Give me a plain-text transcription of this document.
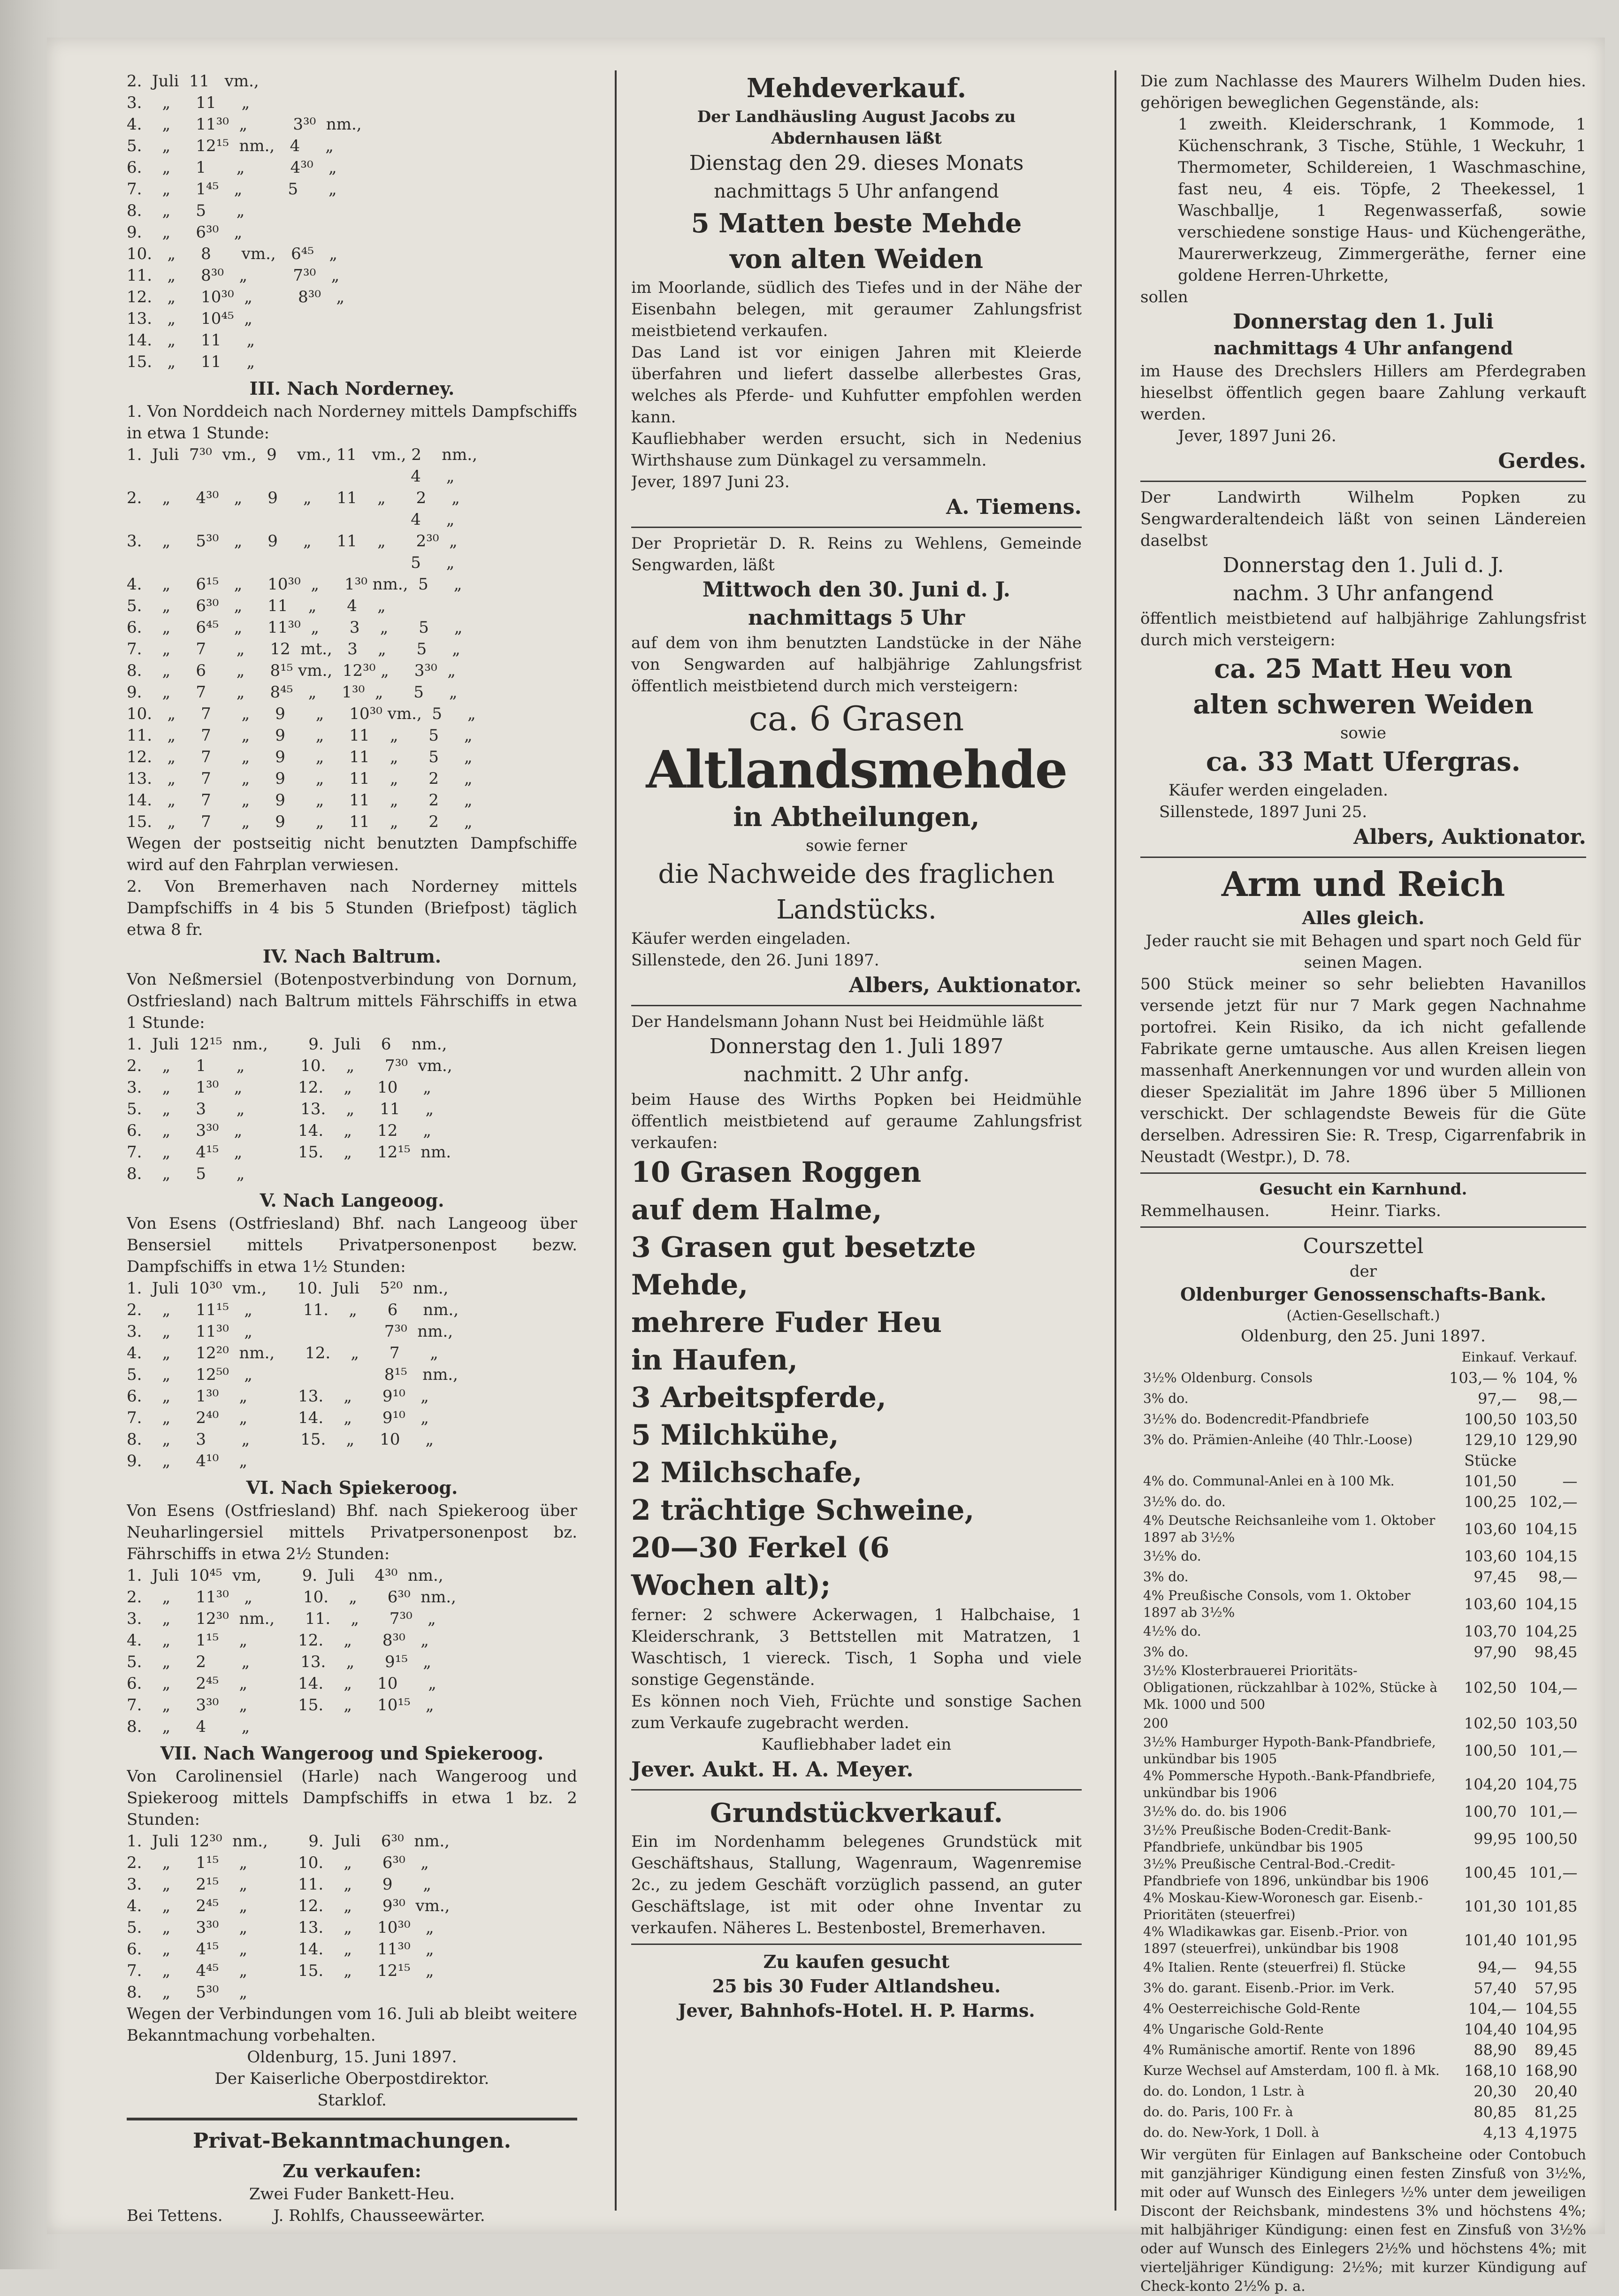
2.  Juli  11   vm.,
3.    „     11     „
4.    „     11³⁰  „         3³⁰  nm.,
5.    „     12¹⁵  nm.,   4     „
6.    „     1      „         4³⁰   „
7.    „     1⁴⁵   „         5      „
8.    „     5      „
9.    „     6³⁰   „
10.   „     8      vm.,   6⁴⁵   „
11.   „     8³⁰   „         7³⁰   „
12.   „     10³⁰  „         8³⁰   „
13.   „     10⁴⁵  „
14.   „     11     „
15.   „     11     „
III. Nach Norderney.
1. Von Norddeich nach Norderney mittels Dampfschiffs in etwa 1 Stunde:
1.  Juli  7³⁰  vm.,  9    vm., 11   vm., 2    nm.,
4     „
2.    „     4³⁰   „     9     „     11    „      2     „
4     „
3.    „     5³⁰   „     9     „     11    „      2³⁰  „
5     „
4.    „     6¹⁵   „     10³⁰  „     1³⁰ nm.,  5     „
5.    „     6³⁰   „     11    „      4    „
6.    „     6⁴⁵   „     11³⁰  „      3    „      5     „
7.    „     7      „     12  mt.,   3    „      5     „
8.    „     6      „     8¹⁵ vm.,  12³⁰ „     3³⁰  „
9.    „     7      „     8⁴⁵   „     1³⁰  „      5     „
10.   „     7      „     9      „     10³⁰ vm.,  5     „
11.   „     7      „     9      „     11    „      5     „
12.   „     7      „     9      „     11    „      5     „
13.   „     7      „     9      „     11    „      2     „
14.   „     7      „     9      „     11    „      2     „
15.   „     7      „     9      „     11    „      2     „
Wegen der postseitig nicht benutzten Dampfschiffe wird auf den Fahrplan verwiesen.
2. Von Bremerhaven nach Norderney mittels Dampfschiffs in 4 bis 5 Stunden (Briefpost) täglich etwa 8 fr.
IV. Nach Baltrum.
Von Neßmersiel (Botenpostverbindung von Dornum, Ostfriesland) nach Baltrum mittels Fährschiffs in etwa 1 Stunde:
1.  Juli  12¹⁵  nm.,        9.  Juli    6    nm.,
2.    „     1      „           10.    „      7³⁰  vm.,
3.    „     1³⁰   „           12.    „     10     „
5.    „     3      „           13.    „     11     „
6.    „     3³⁰   „           14.    „     12     „
7.    „     4¹⁵   „           15.    „     12¹⁵  nm.
8.    „     5      „
V. Nach Langeoog.
Von Esens (Ostfriesland) Bhf. nach Langeoog über Bensersiel mittels Privatpersonenpost bezw. Dampfschiffs in etwa 1½ Stunden:
1.  Juli  10³⁰  vm.,      10.  Juli    5²⁰  nm.,
2.    „     11¹⁵   „          11.    „      6     nm.,
3.    „     11³⁰   „                          7³⁰  nm.,
4.    „     12²⁰  nm.,      12.    „      7      „
5.    „     12⁵⁰   „                          8¹⁵   nm.,
6.    „     1³⁰    „          13.    „      9¹⁰   „
7.    „     2⁴⁰    „          14.    „      9¹⁰   „
8.    „     3       „          15.    „     10     „
9.    „     4¹⁰    „
VI. Nach Spiekeroog.
Von Esens (Ostfriesland) Bhf. nach Spiekeroog über Neuharlingersiel mittels Privatpersonenpost bz. Fährschiffs in etwa 2½ Stunden:
1.  Juli  10⁴⁵  vm,        9.  Juli    4³⁰  nm.,
2.    „     11³⁰   „          10.    „      6³⁰  nm.,
3.    „     12³⁰  nm.,      11.    „      7³⁰   „
4.    „     1¹⁵    „          12.    „      8³⁰   „
5.    „     2       „          13.    „      9¹⁵   „
6.    „     2⁴⁵    „          14.    „     10      „
7.    „     3³⁰    „          15.    „     10¹⁵   „
8.    „     4       „
VII. Nach Wangeroog und Spiekeroog.
Von Carolinensiel (Harle) nach Wangeroog und Spiekeroog mittels Dampfschiffs in etwa 1 bz. 2 Stunden:
1.  Juli  12³⁰  nm.,        9.  Juli    6³⁰  nm.,
2.    „     1¹⁵    „          10.    „      6³⁰   „
3.    „     2¹⁵    „          11.    „      9      „
4.    „     2⁴⁵    „          12.    „      9³⁰  vm.,
5.    „     3³⁰    „          13.    „     10³⁰   „
6.    „     4¹⁵    „          14.    „     11³⁰   „
7.    „     4⁴⁵    „          15.    „     12¹⁵   „
8.    „     5³⁰    „
Wegen der Verbindungen vom 16. Juli ab bleibt weitere Bekanntmachung vorbehalten.
Oldenburg, 15. Juni 1897.
Der Kaiserliche Oberpostdirektor.
Starklof.
Privat-Bekanntmachungen.
Zu verkaufen:
Zwei Fuder Bankett-Heu.
Bei Tettens.          J. Rohlfs, Chausseewärter.
Mehdeverkauf.
Der Landhäusling August Jacobs zu Abdernhausen läßt
Dienstag den 29. dieses Monats
nachmittags 5 Uhr anfangend
5 Matten beste Mehde
von alten Weiden
im Moorlande, südlich des Tiefes und in der Nähe der Eisenbahn belegen, mit geraumer Zahlungsfrist meistbietend verkaufen.
Das Land ist vor einigen Jahren mit Kleierde überfahren und liefert dasselbe allerbestes Gras, welches als Pferde- und Kuhfutter empfohlen werden kann.
Kaufliebhaber werden ersucht, sich in Nedenius Wirthshause zum Dünkagel zu versammeln.
Jever, 1897 Juni 23.
A. Tiemens.
Der Proprietär D. R. Reins zu Wehlens, Gemeinde Sengwarden, läßt
Mittwoch den 30. Juni d. J.
nachmittags 5 Uhr
auf dem von ihm benutzten Landstücke in der Nähe von Sengwarden auf halbjährige Zahlungsfrist öffentlich meistbietend durch mich versteigern:
ca. 6 Grasen
Altlandsmehde
in Abtheilungen,
sowie ferner
die Nachweide des fraglichen
Landstücks.
Käufer werden eingeladen.
Sillenstede, den 26. Juni 1897.
Albers, Auktionator.
Der Handelsmann Johann Nust bei Heidmühle läßt
Donnerstag den 1. Juli 1897
nachmitt. 2 Uhr anfg.
beim Hause des Wirths Popken bei Heidmühle öffentlich meistbietend auf geraume Zahlungsfrist verkaufen:
10 Grasen Roggen
auf dem Halme,
3 Grasen gut besetzte
Mehde,
mehrere Fuder Heu
in Haufen,
3 Arbeitspferde,
5 Milchkühe,
2 Milchschafe,
2 trächtige Schweine,
20—30 Ferkel (6
Wochen alt);
ferner: 2 schwere Ackerwagen, 1 Halbchaise, 1 Kleiderschrank, 3 Bettstellen mit Matratzen, 1 Waschtisch, 1 viereck. Tisch, 1 Sopha und viele sonstige Gegenstände.
Es können noch Vieh, Früchte und sonstige Sachen zum Verkaufe zugebracht werden.
Kaufliebhaber ladet ein
Jever. Aukt. H. A. Meyer.
Grundstückverkauf.
Ein im Nordenhamm belegenes Grundstück mit Geschäftshaus, Stallung, Wagenraum, Wagenremise 2c., zu jedem Geschäft vorzüglich passend, an guter Geschäftslage, ist mit oder ohne Inventar zu verkaufen. Näheres L. Bestenbostel, Bremerhaven.
Zu kaufen gesucht
25 bis 30 Fuder Altlandsheu.
Jever, Bahnhofs-Hotel. H. P. Harms.
Die zum Nachlasse des Maurers Wilhelm Duden hies. gehörigen beweglichen Gegenstände, als:
1 zweith. Kleiderschrank, 1 Kommode, 1 Küchenschrank, 3 Tische, Stühle, 1 Weckuhr, 1 Thermometer, Schildereien, 1 Waschmaschine, fast neu, 4 eis. Töpfe, 2 Theekessel, 1 Waschballje, 1 Regenwasserfaß, sowie verschiedene sonstige Haus- und Küchengeräthe, Maurerwerkzeug, Zimmergeräthe, ferner eine goldene Herren-Uhrkette,
sollen
Donnerstag den 1. Juli
nachmittags 4 Uhr anfangend
im Hause des Drechslers Hillers am Pferdegraben hieselbst öffentlich gegen baare Zahlung verkauft werden.
Jever, 1897 Juni 26.
Gerdes.
Der Landwirth Wilhelm Popken zu Sengwarderaltendeich läßt von seinen Ländereien daselbst
Donnerstag den 1. Juli d. J.
nachm. 3 Uhr anfangend
öffentlich meistbietend auf halbjährige Zahlungsfrist durch mich versteigern:
ca. 25 Matt Heu von
alten schweren Weiden
sowie
ca. 33 Matt Ufergras.
Käufer werden eingeladen.
Sillenstede, 1897 Juni 25.
Albers, Auktionator.
Arm und Reich
Alles gleich.
Jeder raucht sie mit Behagen und spart noch Geld für seinen Magen.
500 Stück meiner so sehr beliebten Havanillos versende jetzt für nur 7 Mark gegen Nachnahme portofrei. Kein Risiko, da ich nicht gefallende Fabrikate gerne umtausche. Aus allen Kreisen liegen massenhaft Anerkennungen vor und wurden allein von dieser Spezialität im Jahre 1896 über 5 Millionen verschickt. Der schlagendste Beweis für die Güte derselben. Adressiren Sie: R. Tresp, Cigarrenfabrik in Neustadt (Westpr.), D. 78.
Gesucht ein Karnhund.
Remmelhausen.            Heinr. Tiarks.
Courszettel
der
Oldenburger Genossenschafts-Bank.
(Actien-Gesellschaft.)
Oldenburg, den 25. Juni 1897.
	Einkauf.	Verkauf.
3½% Oldenburg. Consols	103,— %	104, %
3% do.	97,—	98,—
3½% do. Bodencredit-Pfandbriefe	100,50	103,50
3% do. Prämien-Anleihe (40 Thlr.-Loose)	129,10	129,90
	Stücke	
4% do. Communal-Anlei en à 100 Mk.	101,50	—
3½% do. do.	100,25	102,—
4% Deutsche Reichsanleihe vom 1. Oktober 1897 ab 3½%	103,60	104,15
3½% do.	103,60	104,15
3% do.	97,45	98,—
4% Preußische Consols, vom 1. Oktober 1897 ab 3½%	103,60	104,15
4½% do.	103,70	104,25
3% do.	97,90	98,45
3½% Klosterbrauerei Prioritäts-Obligationen, rückzahlbar à 102%, Stücke à Mk. 1000 und 500	102,50	104,—
200	102,50	103,50
3½% Hamburger Hypoth-Bank-Pfandbriefe, unkündbar bis 1905	100,50	101,—
4% Pommersche Hypoth.-Bank-Pfandbriefe, unkündbar bis 1906	104,20	104,75
3½% do. do. bis 1906	100,70	101,—
3½% Preußische Boden-Credit-Bank-Pfandbriefe, unkündbar bis 1905	99,95	100,50
3½% Preußische Central-Bod.-Credit-Pfandbriefe von 1896, unkündbar bis 1906	100,45	101,—
4% Moskau-Kiew-Woronesch gar. Eisenb.-Prioritäten (steuerfrei)	101,30	101,85
4% Wladikawkas gar. Eisenb.-Prior. von 1897 (steuerfrei), unkündbar bis 1908	101,40	101,95
4% Italien. Rente (steuerfrei) fl. Stücke	94,—	94,55
3% do. garant. Eisenb.-Prior. im Verk.	57,40	57,95
4% Oesterreichische Gold-Rente	104,—	104,55
4% Ungarische Gold-Rente	104,40	104,95
4% Rumänische amortif. Rente von 1896	88,90	89,45
Kurze Wechsel auf Amsterdam, 100 fl. à Mk.	168,10	168,90
do. do. London, 1 Lstr. à	20,30	20,40
do. do. Paris, 100 Fr. à	80,85	81,25
do. do. New-York, 1 Doll. à	4,13	4,1975
Wir vergüten für Einlagen auf Bankscheine oder Contobuch mit ganzjähriger Kündigung einen festen Zinsfuß von 3½%, mit oder auf Wunsch des Einlegers ½% unter dem jeweiligen Discont der Reichsbank, mindestens 3% und höchstens 4%; mit halbjähriger Kündigung: einen fest en Zinsfuß von 3½% oder auf Wunsch des Einlegers 2½% und höchstens 4%; mit vierteljähriger Kündigung: 2½%; mit kurzer Kündigung auf Check-konto 2½% p. a.
